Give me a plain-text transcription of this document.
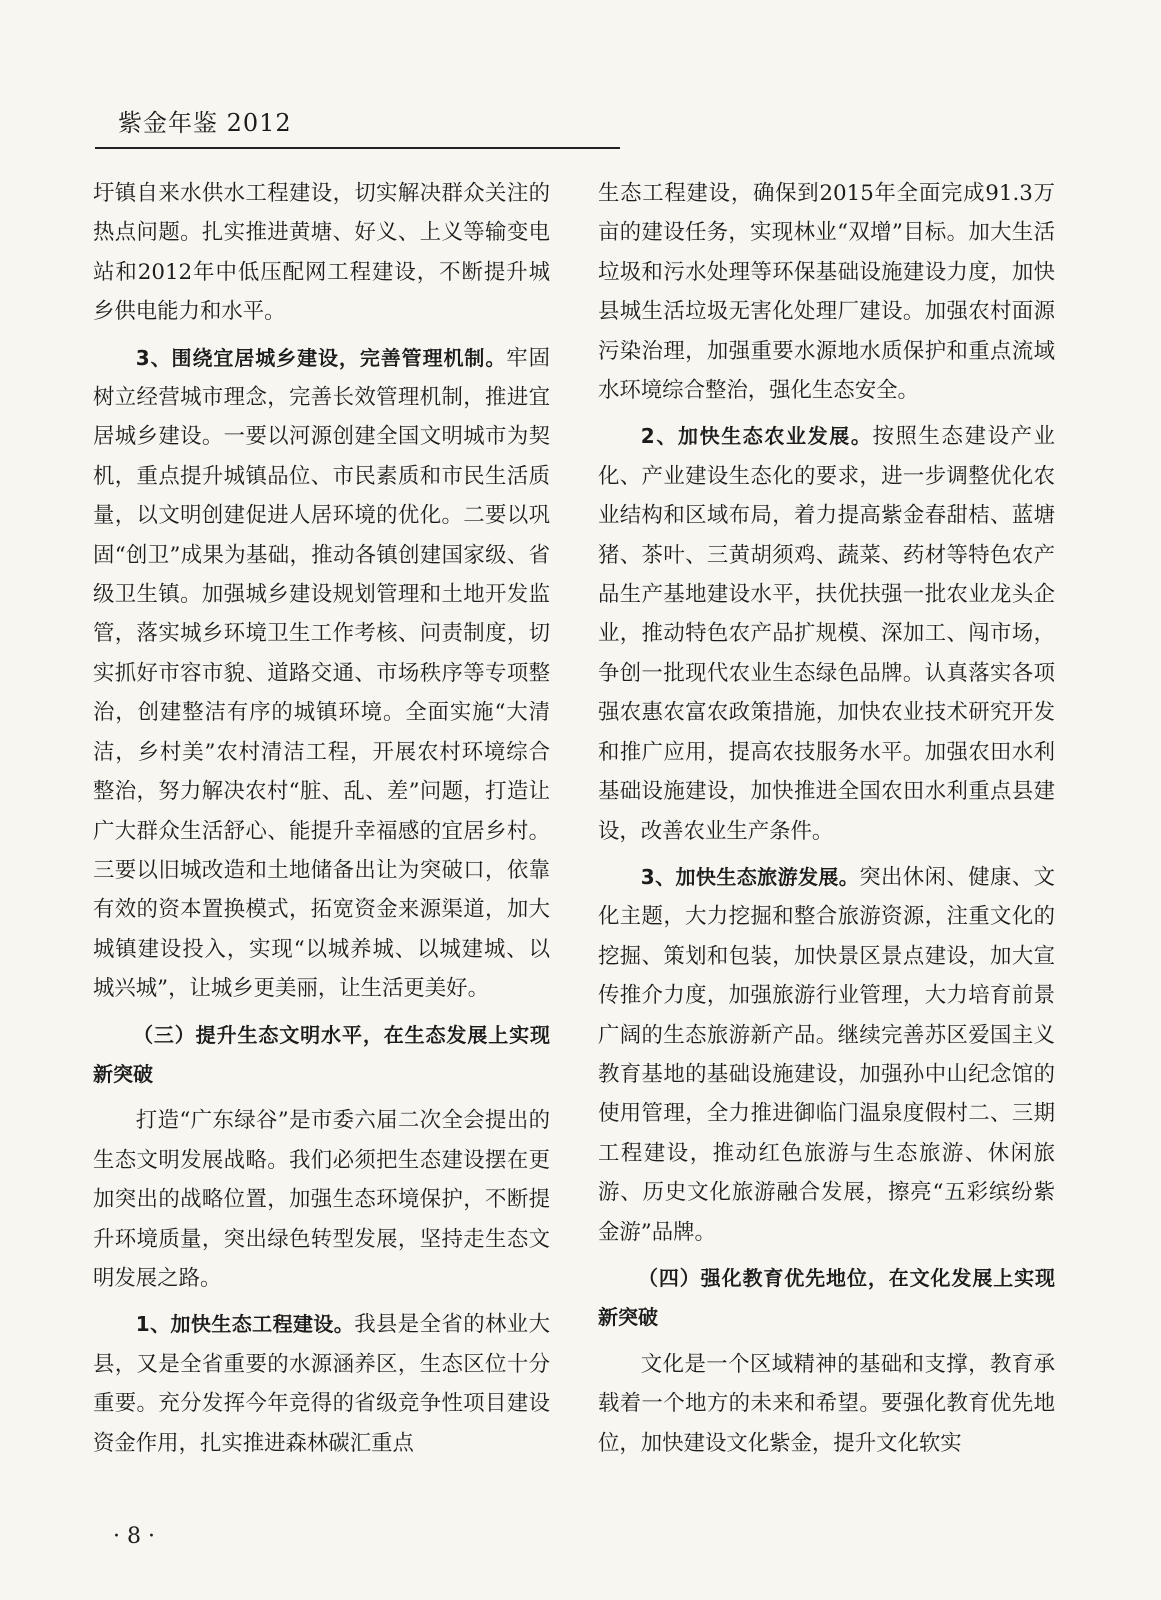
紫金年鉴 2012

圩镇自来水供水工程建设，切实解决群众关注的热点问题。扎实推进黄塘、好义、上义等输变电站和2012年中低压配网工程建设，不断提升城乡供电能力和水平。

3、围绕宜居城乡建设，完善管理机制。牢固树立经营城市理念，完善长效管理机制，推进宜居城乡建设。一要以河源创建全国文明城市为契机，重点提升城镇品位、市民素质和市民生活质量，以文明创建促进人居环境的优化。二要以巩固“创卫”成果为基础，推动各镇创建国家级、省级卫生镇。加强城乡建设规划管理和土地开发监管，落实城乡环境卫生工作考核、问责制度，切实抓好市容市貌、道路交通、市场秩序等专项整治，创建整洁有序的城镇环境。全面实施“大清洁，乡村美”农村清洁工程，开展农村环境综合整治，努力解决农村“脏、乱、差”问题，打造让广大群众生活舒心、能提升幸福感的宜居乡村。三要以旧城改造和土地储备出让为突破口，依靠有效的资本置换模式，拓宽资金来源渠道，加大城镇建设投入，实现“以城养城、以城建城、以城兴城”，让城乡更美丽，让生活更美好。

（三）提升生态文明水平，在生态发展上实现新突破

打造“广东绿谷”是市委六届二次全会提出的生态文明发展战略。我们必须把生态建设摆在更加突出的战略位置，加强生态环境保护，不断提升环境质量，突出绿色转型发展，坚持走生态文明发展之路。

1、加快生态工程建设。我县是全省的林业大县，又是全省重要的水源涵养区，生态区位十分重要。充分发挥今年竞得的省级竞争性项目建设资金作用，扎实推进森林碳汇重点

生态工程建设，确保到2015年全面完成91.3万亩的建设任务，实现林业“双增”目标。加大生活垃圾和污水处理等环保基础设施建设力度，加快县城生活垃圾无害化处理厂建设。加强农村面源污染治理，加强重要水源地水质保护和重点流域水环境综合整治，强化生态安全。

2、加快生态农业发展。按照生态建设产业化、产业建设生态化的要求，进一步调整优化农业结构和区域布局，着力提高紫金春甜桔、蓝塘猪、茶叶、三黄胡须鸡、蔬菜、药材等特色农产品生产基地建设水平，扶优扶强一批农业龙头企业，推动特色农产品扩规模、深加工、闯市场，争创一批现代农业生态绿色品牌。认真落实各项强农惠农富农政策措施，加快农业技术研究开发和推广应用，提高农技服务水平。加强农田水利基础设施建设，加快推进全国农田水利重点县建设，改善农业生产条件。

3、加快生态旅游发展。突出休闲、健康、文化主题，大力挖掘和整合旅游资源，注重文化的挖掘、策划和包装，加快景区景点建设，加大宣传推介力度，加强旅游行业管理，大力培育前景广阔的生态旅游新产品。继续完善苏区爱国主义教育基地的基础设施建设，加强孙中山纪念馆的使用管理，全力推进御临门温泉度假村二、三期工程建设，推动红色旅游与生态旅游、休闲旅游、历史文化旅游融合发展，擦亮“五彩缤纷紫金游”品牌。

（四）强化教育优先地位，在文化发展上实现新突破

文化是一个区域精神的基础和支撑，教育承载着一个地方的未来和希望。要强化教育优先地位，加快建设文化紫金，提升文化软实

· 8 ·
